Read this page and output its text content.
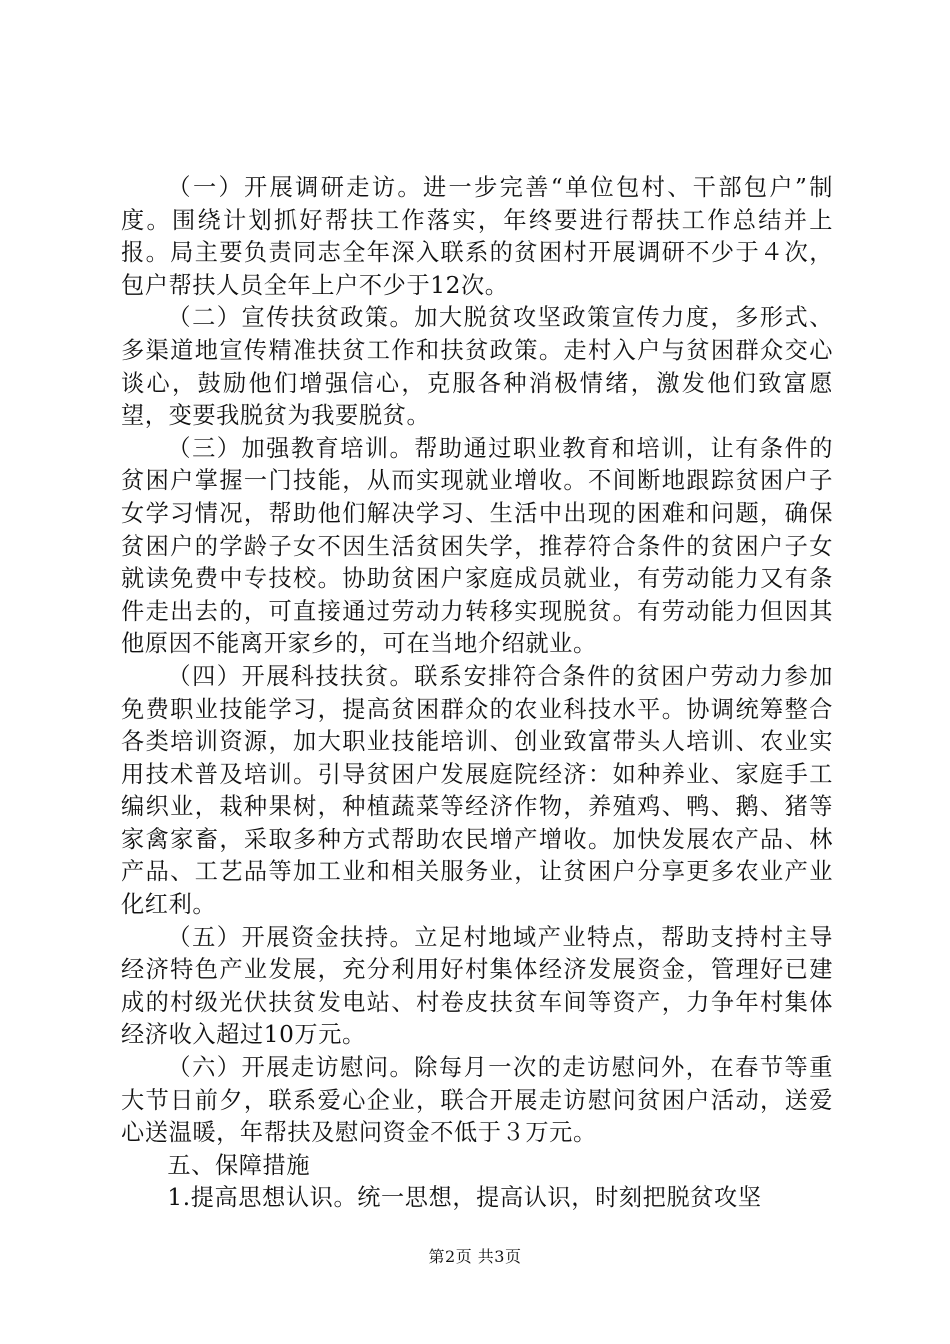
（一）开展调研走访。进一步完善“单位包村、干部包户”制度。围绕计划抓好帮扶工作落实，年终要进行帮扶工作总结并上报。局主要负责同志全年深入联系的贫困村开展调研不少于４次，包户帮扶人员全年上户不少于12次。

（二）宣传扶贫政策。加大脱贫攻坚政策宣传力度，多形式、多渠道地宣传精准扶贫工作和扶贫政策。走村入户与贫困群众交心谈心，鼓励他们增强信心，克服各种消极情绪，激发他们致富愿望，变要我脱贫为我要脱贫。

（三）加强教育培训。帮助通过职业教育和培训，让有条件的贫困户掌握一门技能，从而实现就业增收。不间断地跟踪贫困户子女学习情况，帮助他们解决学习、生活中出现的困难和问题，确保贫困户的学龄子女不因生活贫困失学，推荐符合条件的贫困户子女就读免费中专技校。协助贫困户家庭成员就业，有劳动能力又有条件走出去的，可直接通过劳动力转移实现脱贫。有劳动能力但因其他原因不能离开家乡的，可在当地介绍就业。

（四）开展科技扶贫。联系安排符合条件的贫困户劳动力参加免费职业技能学习，提高贫困群众的农业科技水平。协调统筹整合各类培训资源，加大职业技能培训、创业致富带头人培训、农业实用技术普及培训。引导贫困户发展庭院经济：如种养业、家庭手工编织业，栽种果树，种植蔬菜等经济作物，养殖鸡、鸭、鹅、猪等家禽家畜，采取多种方式帮助农民增产增收。加快发展农产品、林产品、工艺品等加工业和相关服务业，让贫困户分享更多农业产业化红利。

（五）开展资金扶持。立足村地域产业特点，帮助支持村主导经济特色产业发展，充分利用好村集体经济发展资金，管理好已建成的村级光伏扶贫发电站、村卷皮扶贫车间等资产，力争年村集体经济收入超过10万元。

（六）开展走访慰问。除每月一次的走访慰问外，在春节等重大节日前夕，联系爱心企业，联合开展走访慰问贫困户活动，送爱心送温暖，年帮扶及慰问资金不低于３万元。

五、保障措施

1.提高思想认识。统一思想，提高认识，时刻把脱贫攻坚

第2页 共3页
